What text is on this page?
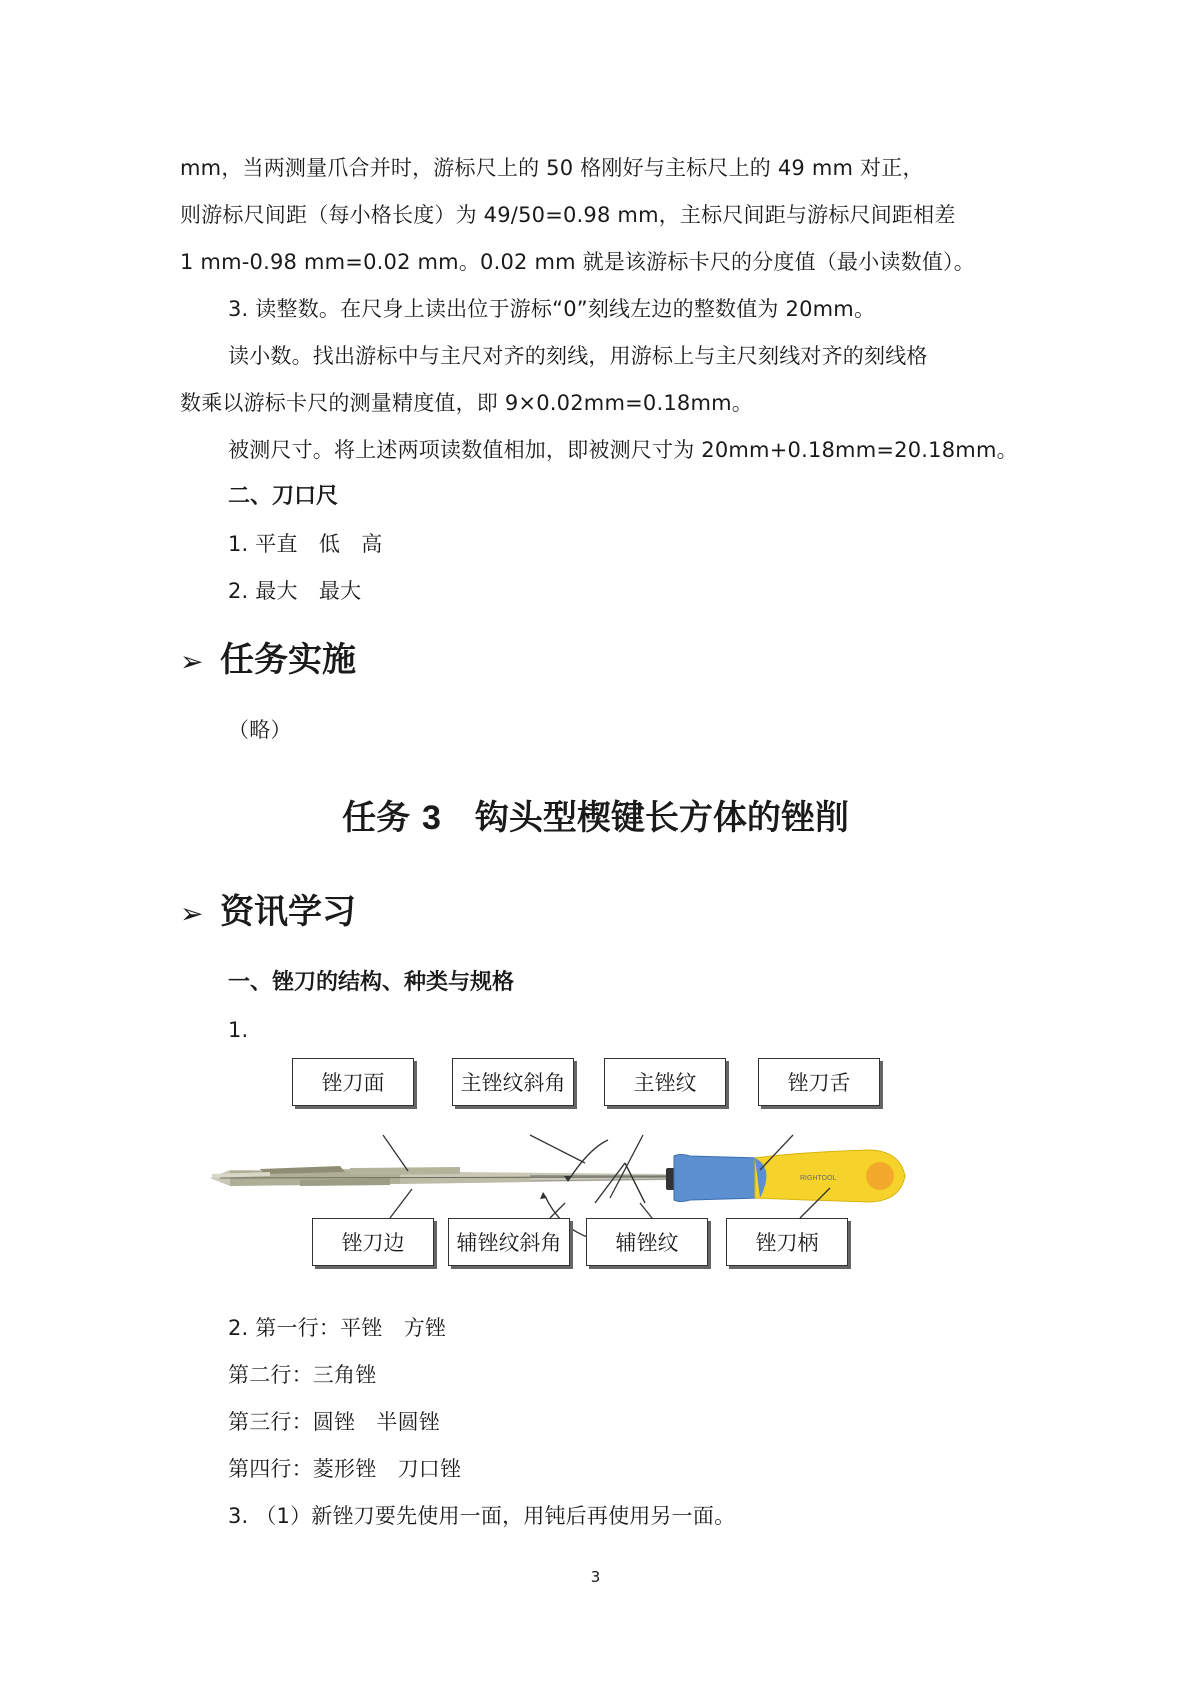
mm，当两测量爪合并时，游标尺上的 50 格刚好与主标尺上的 49 mm 对正，
则游标尺间距（每小格长度）为 49/50=0.98 mm，主标尺间距与游标尺间距相差
1 mm-0.98 mm=0.02 mm。0.02 mm 就是该游标卡尺的分度值（最小读数值）。
3. 读整数。在尺身上读出位于游标“0”刻线左边的整数值为 20mm。
读小数。找出游标中与主尺对齐的刻线，用游标上与主尺刻线对齐的刻线格
数乘以游标卡尺的测量精度值，即 9×0.02mm=0.18mm。
被测尺寸。将上述两项读数值相加，即被测尺寸为 20mm+0.18mm=20.18mm。
二、刀口尺
1. 平直　低　高
2. 最大　最大
➢ 任务实施
（略）
任务 3　钩头型楔键长方体的锉削
➢ 资讯学习
一、锉刀的结构、种类与规格
1.
RIGHTOOL
锉刀面	主锉纹斜角	主锉纹	锉刀舌
锉刀边	辅锉纹斜角	辅锉纹	锉刀柄
2. 第一行：平锉　方锉
第二行：三角锉
第三行：圆锉　半圆锉
第四行：菱形锉　刀口锉
3. （1）新锉刀要先使用一面，用钝后再使用另一面。
3
